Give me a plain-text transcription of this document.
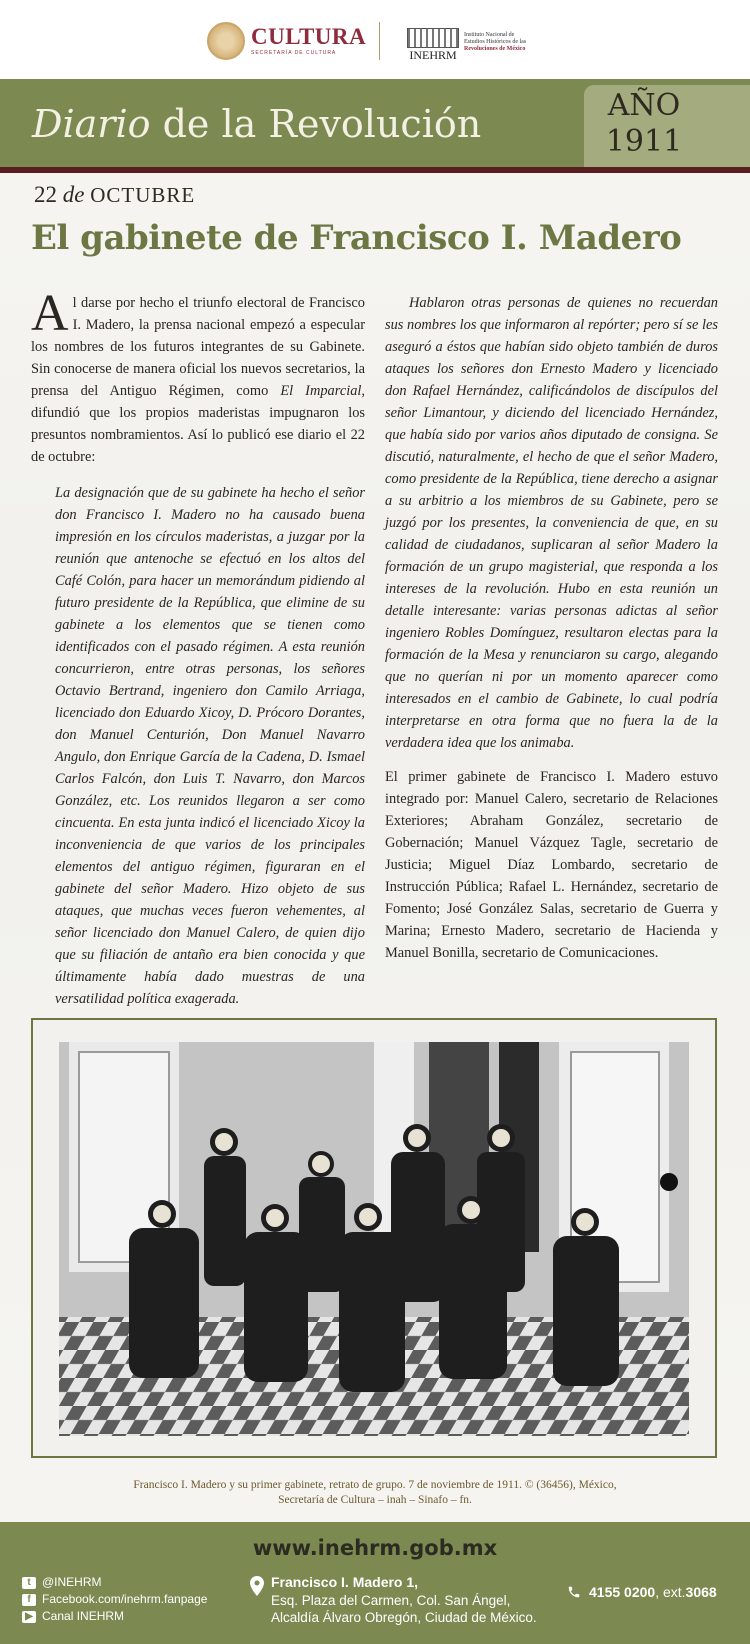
CULTURA
SECRETARÍA DE CULTURA	INEHRM
Instituto Nacional de
Estudios Históricos de las
Revoluciones de México
Diario de la Revolución	AÑO
1911
22 de OCTUBRE
El gabinete de Francisco I. Madero

Al darse por hecho el triunfo electoral de Francisco I. Madero, la prensa nacional empezó a especular los nombres de los futuros integrantes de su Gabinete. Sin conocerse de manera oficial los nuevos secretarios, la prensa del Antiguo Régimen, como El Imparcial, difundió que los propios maderistas impugnaron los presuntos nombramientos. Así lo publicó ese diario el 22 de octubre:

La designación que de su gabinete ha hecho el señor don Francisco I. Madero no ha causado buena impresión en los círculos maderistas, a juzgar por la reunión que antenoche se efectuó en los altos del Café Colón, para hacer un memorándum pidiendo al futuro presidente de la República, que elimine de su gabinete a los elementos que se tienen como identificados con el pasado régimen. A esta reunión concurrieron, entre otras personas, los señores Octavio Bertrand, ingeniero don Camilo Arriaga, licenciado don Eduardo Xicoy, D. Prócoro Dorantes, don Manuel Centurión, Don Manuel Navarro Angulo, don Enrique García de la Cadena, D. Ismael Carlos Falcón, don Luis T. Navarro, don Marcos González, etc. Los reunidos llegaron a ser como cincuenta. En esta junta indicó el licenciado Xicoy la inconveniencia de que varios de los principales elementos del antiguo régimen, figuraran en el gabinete del señor Madero. Hizo objeto de sus ataques, que muchas veces fueron vehementes, al señor licenciado don Manuel Calero, de quien dijo que su filiación de antaño era bien conocida y que últimamente había dado muestras de una versatilidad política exagerada.

Hablaron otras personas de quienes no recuerdan sus nombres los que informaron al repórter; pero sí se les aseguró a éstos que habían sido objeto también de duros ataques los señores don Ernesto Madero y licenciado don Rafael Hernández, calificándolos de discípulos del señor Limantour, y diciendo del licenciado Hernández, que había sido por varios años diputado de consigna. Se discutió, naturalmente, el hecho de que el señor Madero, como presidente de la República, tiene derecho a asignar a su arbitrio a los miembros de su Gabinete, pero se juzgó por los presentes, la conveniencia de que, en su calidad de ciudadanos, suplicaran al señor Madero la formación de un grupo magisterial, que responda a los intereses de la revolución. Hubo en esta reunión un detalle interesante: varias personas adictas al señor ingeniero Robles Domínguez, resultaron electas para la formación de la Mesa y renunciaron su cargo, alegando que no querían ni por un momento aparecer como interesados en el cambio de Gabinete, lo cual podría interpretarse en otra forma que no fuera la de la verdadera idea que los animaba.

El primer gabinete de Francisco I. Madero estuvo integrado por: Manuel Calero, secretario de Relaciones Exteriores; Abraham González, secretario de Gobernación; Manuel Vázquez Tagle, secretario de Justicia; Miguel Díaz Lombardo, secretario de Instrucción Pública; Rafael L. Hernández, secretario de Fomento; José González Salas, secretario de Guerra y Marina; Ernesto Madero, secretario de Hacienda y Manuel Bonilla, secretario de Comunicaciones.

Francisco I. Madero y su primer gabinete, retrato de grupo. 7 de noviembre de 1911. © (36456), México,
Secretaría de Cultura – inah – Sinafo – fn.
www.inehrm.gob.mx
t @INEHRM
f Facebook.com/inehrm.fanpage
▶ Canal INEHRM
Francisco I. Madero 1,
Esq. Plaza del Carmen, Col. San Ángel,
Alcaldía Álvaro Obregón, Ciudad de México.
4155 0200 , ext. 3068
